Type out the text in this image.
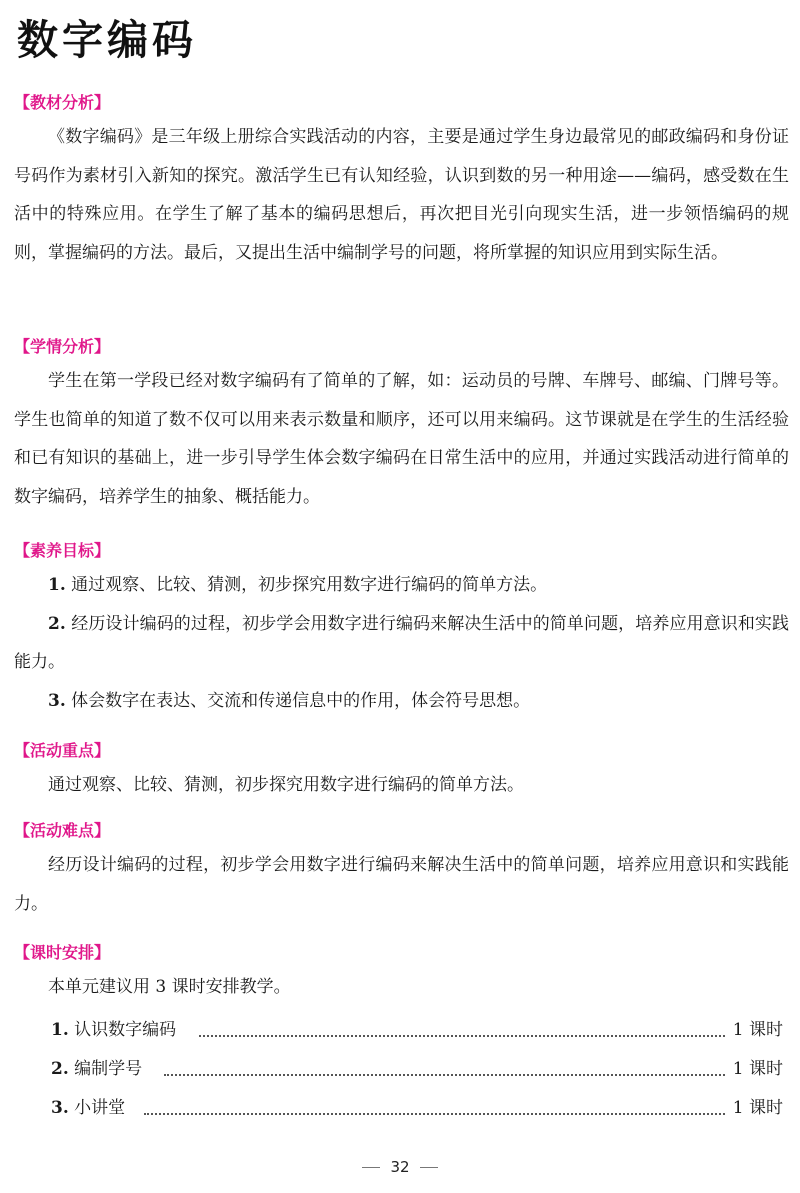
数字编码
【教材分析】

《数字编码》是三年级上册综合实践活动的内容，主要是通过学生身边最常见的邮政编码和身份证号码作为素材引入新知的探究。激活学生已有认知经验，认识到数的另一种用途——编码，感受数在生活中的特殊应用。在学生了解了基本的编码思想后，再次把目光引向现实生活，进一步领悟编码的规则，掌握编码的方法。最后，又提出生活中编制学号的问题，将所掌握的知识应用到实际生活。

【学情分析】

学生在第一学段已经对数字编码有了简单的了解，如：运动员的号牌、车牌号、邮编、门牌号等。学生也简单的知道了数不仅可以用来表示数量和顺序，还可以用来编码。这节课就是在学生的生活经验和已有知识的基础上，进一步引导学生体会数字编码在日常生活中的应用，并通过实践活动进行简单的数字编码，培养学生的抽象、概括能力。

【素养目标】

1. 通过观察、比较、猜测，初步探究用数字进行编码的简单方法。

2. 经历设计编码的过程，初步学会用数字进行编码来解决生活中的简单问题，培养应用意识和实践能力。

3. 体会数字在表达、交流和传递信息中的作用，体会符号思想。

【活动重点】

通过观察、比较、猜测，初步探究用数字进行编码的简单方法。

【活动难点】

经历设计编码的过程，初步学会用数字进行编码来解决生活中的简单问题，培养应用意识和实践能力。

【课时安排】

本单元建议用 3 课时安排教学。

1. 认识数字编码	1 课时
2. 编制学号	1 课时
3. 小讲堂	1 课时
32
